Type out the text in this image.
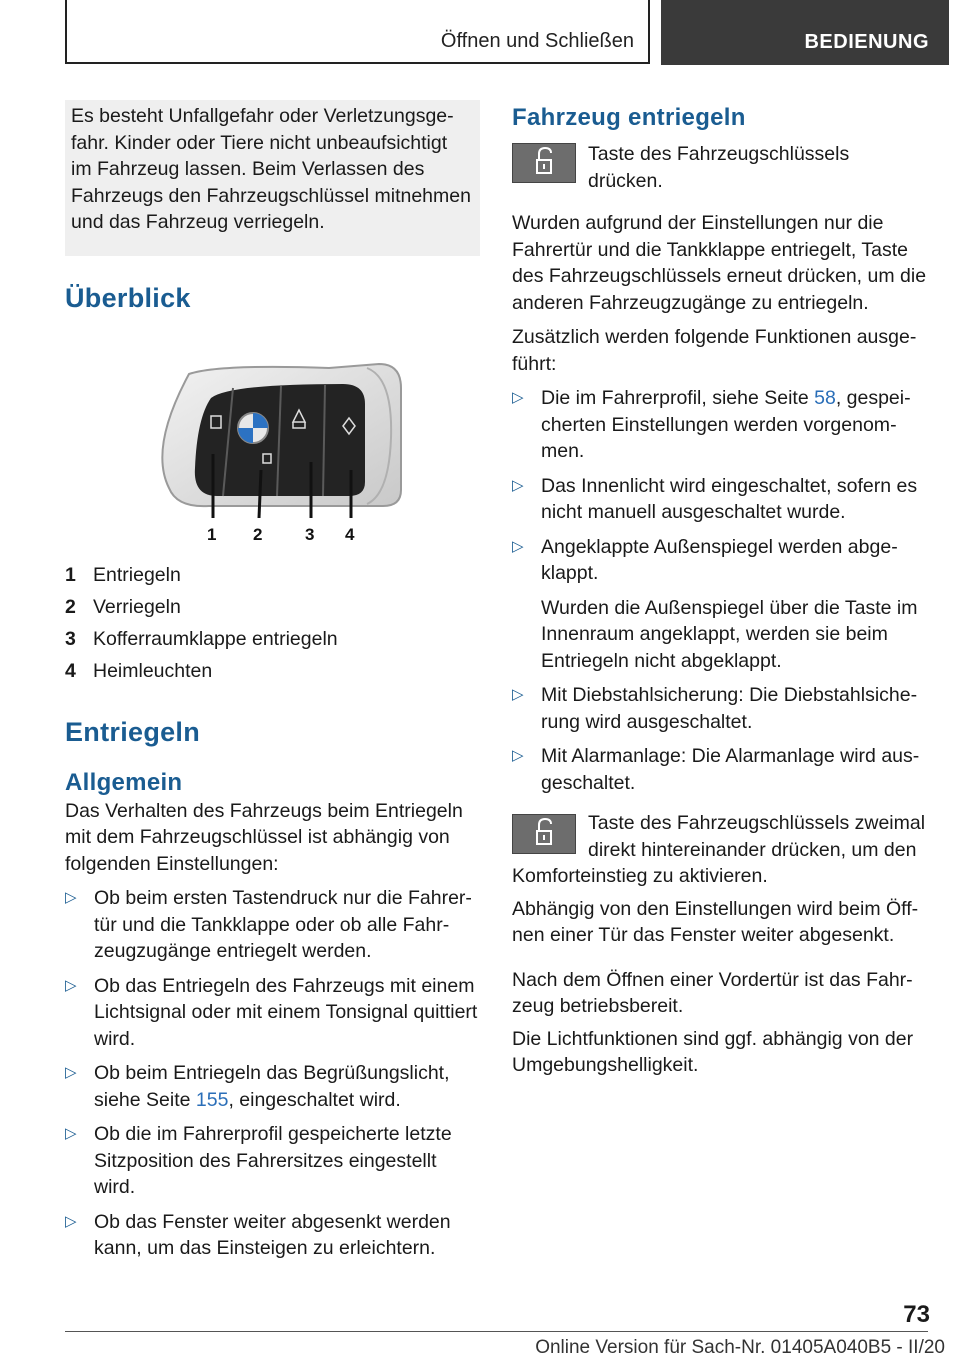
Öffnen und Schließen	BEDIENUNG

Es besteht Unfallgefahr oder Verletzungsgefahr. Kinder oder Tiere nicht unbeaufsichtigt im Fahrzeug lassen. Beim Verlassen des Fahrzeugs den Fahrzeugschlüssel mitnehmen und das Fahrzeug verriegeln.

Überblick
1 2	3 4
1 Entriegeln
2 Verriegeln
3 Kofferraumklappe entriegeln
4 Heimleuchten
Entriegeln
Allgemein

Das Verhalten des Fahrzeugs beim Entriegeln mit dem Fahrzeugschlüssel ist abhängig von folgenden Einstellungen:

▷ Ob beim ersten Tastendruck nur die Fahrertür und die Tankklappe oder ob alle Fahrzeugzugänge entriegelt werden.
▷ Ob das Entriegeln des Fahrzeugs mit einem Lichtsignal oder mit einem Tonsignal quittiert wird.
▷ Ob beim Entriegeln das Begrüßungslicht, siehe Seite 155, eingeschaltet wird.
▷ Ob die im Fahrerprofil gespeicherte letzte Sitzposition des Fahrersitzes eingestellt wird.
▷ Ob das Fenster weiter abgesenkt werden kann, um das Einsteigen zu erleichtern.
Fahrzeug entriegeln

Taste des Fahrzeugschlüssels drücken.

Wurden aufgrund der Einstellungen nur die Fahrertür und die Tankklappe entriegelt, Taste des Fahrzeugschlüssels erneut drücken, um die anderen Fahrzeugzugänge zu entriegeln.

Zusätzlich werden folgende Funktionen ausgeführt:

▷ Die im Fahrerprofil, siehe Seite 58, gespeicherten Einstellungen werden vorgenommen.
▷ Das Innenlicht wird eingeschaltet, sofern es nicht manuell ausgeschaltet wurde.
▷ Angeklappte Außenspiegel werden abgeklappt.
Wurden die Außenspiegel über die Taste im Innenraum angeklappt, werden sie beim Entriegeln nicht abgeklappt.
▷ Mit Diebstahlsicherung: Die Diebstahlsicherung wird ausgeschaltet.
▷ Mit Alarmanlage: Die Alarmanlage wird ausgeschaltet.

Taste des Fahrzeugschlüssels zweimal direkt hintereinander drücken, um den Komforteinstieg zu aktivieren.

Abhängig von den Einstellungen wird beim Öffnen einer Tür das Fenster weiter abgesenkt.

Nach dem Öffnen einer Vordertür ist das Fahrzeug betriebsbereit.

Die Lichtfunktionen sind ggf. abhängig von der Umgebungshelligkeit.

73
Online Version für Sach-Nr. 01405A040B5 - II/20
